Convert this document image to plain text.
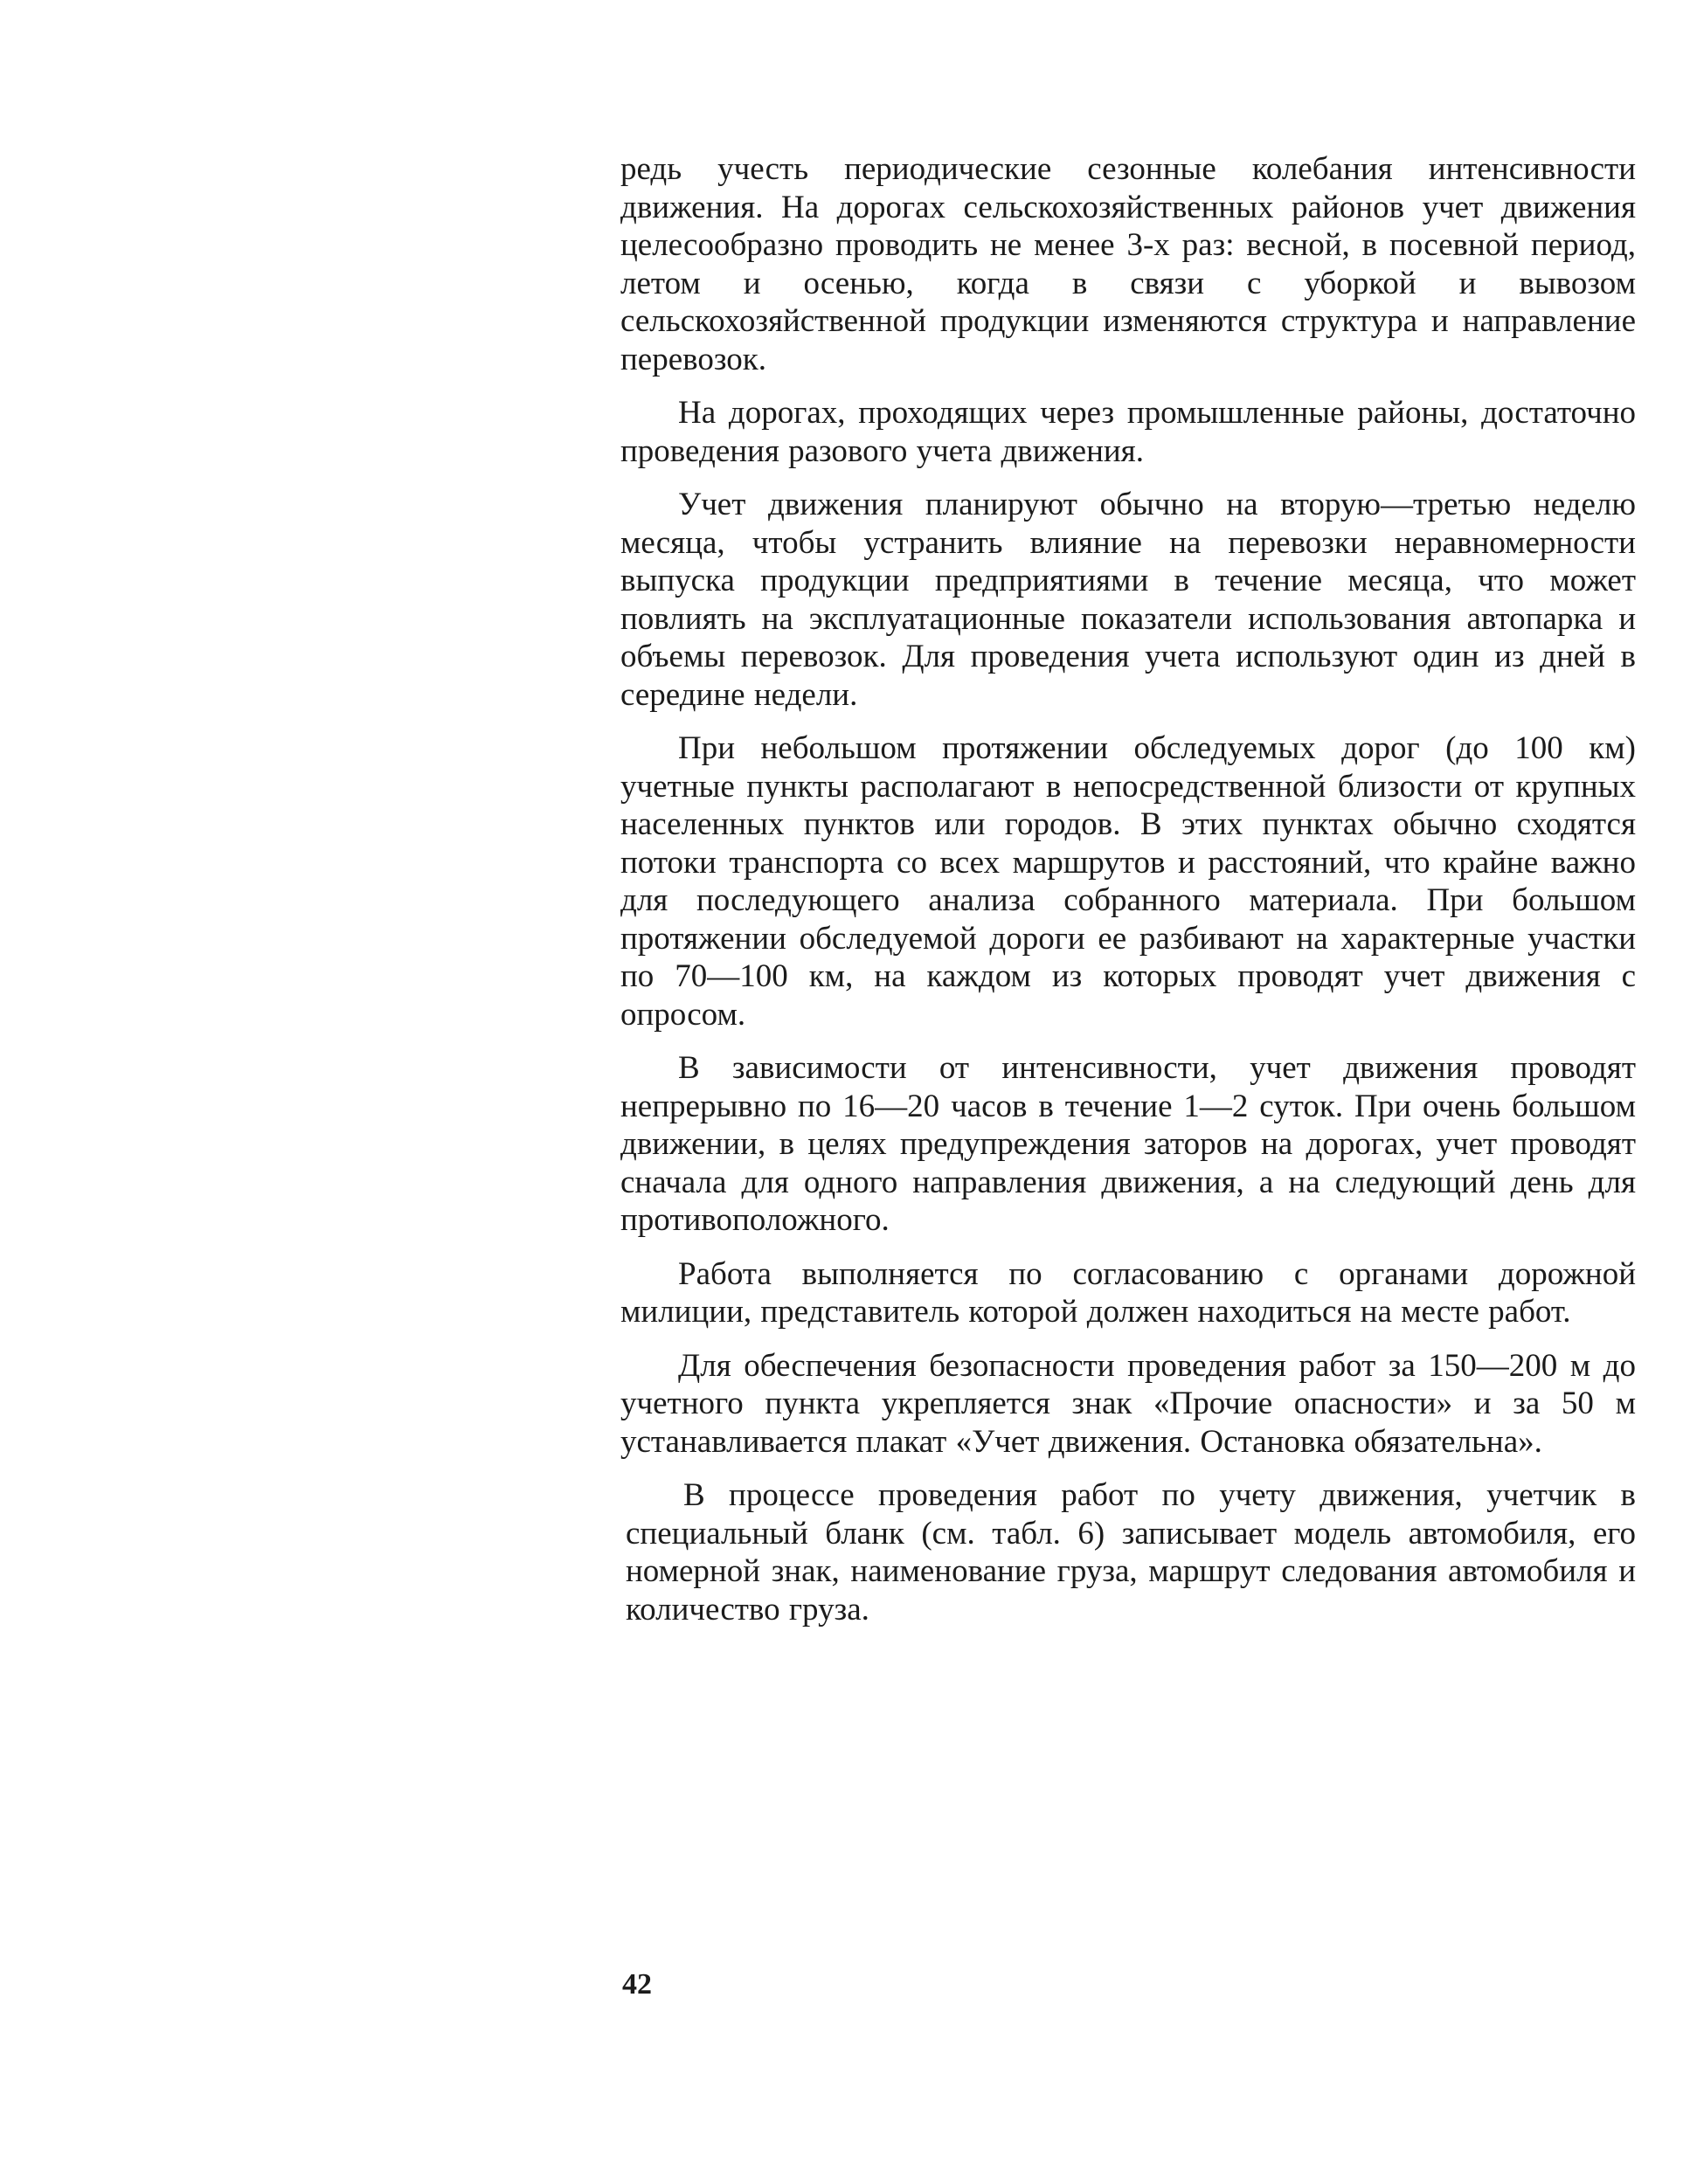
редь учесть периодические сезонные колебания интенсивности движения. На дорогах сельскохозяйственных районов учет движения целесообразно проводить не менее 3-х раз: весной, в посевной период, летом и осенью, когда в связи с уборкой и вывозом сельскохозяйственной продукции изменяются структура и направление перевозок.

На дорогах, проходящих через промышленные районы, достаточно проведения разового учета движения.

Учет движения планируют обычно на вторую—третью неделю месяца, чтобы устранить влияние на перевозки неравномерности выпуска продукции предприятиями в течение месяца, что может повлиять на эксплуатационные показатели использования автопарка и объемы перевозок. Для проведения учета используют один из дней в середине недели.

При небольшом протяжении обследуемых дорог (до 100 км) учетные пункты располагают в непосредственной близости от крупных населенных пунктов или городов. В этих пунктах обычно сходятся потоки транспорта со всех маршрутов и расстояний, что крайне важно для последующего анализа собранного материала. При большом протяжении обследуемой дороги ее разбивают на характерные участки по 70—100 км, на каждом из которых проводят учет движения с опросом.

В зависимости от интенсивности, учет движения проводят непрерывно по 16—20 часов в течение 1—2 суток. При очень большом движении, в целях предупреждения заторов на дорогах, учет проводят сначала для одного направления движения, а на следующий день для противоположного.

Работа выполняется по согласованию с органами дорожной милиции, представитель которой должен находиться на месте работ.

Для обеспечения безопасности проведения работ за 150—200 м до учетного пункта укрепляется знак «Прочие опасности» и за 50 м устанавливается плакат «Учет движения. Остановка обязательна».

В процессе проведения работ по учету движения, учетчик в специальный бланк (см. табл. 6) записывает модель автомобиля, его номерной знак, наименование груза, маршрут следования автомобиля и количество груза.

42
